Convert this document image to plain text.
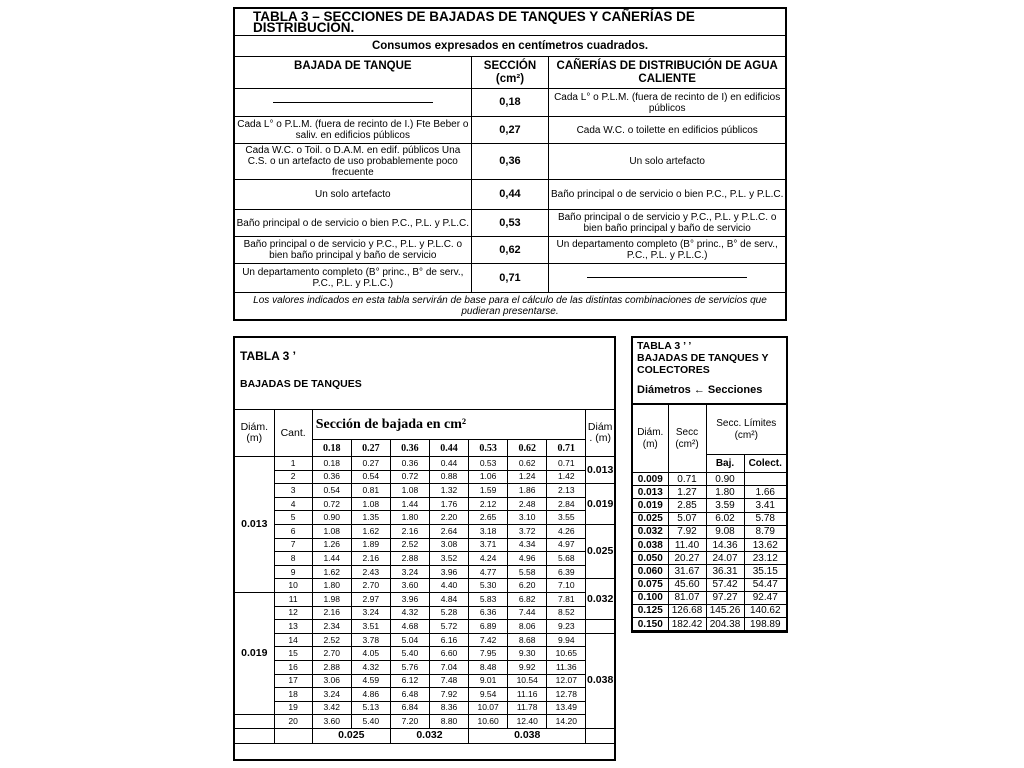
TABLA 3 – SECCIONES DE BAJADAS DE TANQUES Y CAÑERÍAS DE DISTRIBUCIÓN.		
Consumos expresados en centímetros cuadrados.		
BAJADA DE TANQUE	SECCIÓN (cm²)	CAÑERÍAS DE DISTRIBUCIÓN DE AGUA CALIENTE
	0,18	Cada L° o P.L.M. (fuera de recinto de I) en edificios públicos
Cada L° o P.L.M. (fuera de recinto de I.) Fte Beber o saliv. en edificios públicos	0,27	Cada W.C. o toilette en edificios públicos
Cada W.C. o Toil. o D.A.M. en edif. públicos Una C.S. o un artefacto de uso probablemente poco frecuente	0,36	Un solo artefacto
Un solo artefacto	0,44	Baño principal o de servicio o bien P.C., P.L. y P.L.C.
Baño principal o de servicio o bien P.C., P.L. y P.L.C.	0,53	Baño principal o de servicio y P.C., P.L. y P.L.C. o bien baño principal y baño de servicio
Baño principal o de servicio y P.C., P.L. y P.L.C. o bien baño principal y baño de servicio	0,62	Un departamento completo (B° princ., B° de serv., P.C., P.L. y P.L.C.)
Un departamento completo (B° princ., B° de serv., P.C., P.L. y P.L.C.)	0,71	
Los valores indicados en esta tabla servirán de base para el cálculo de las distintas combinaciones de servicios que pudieran presentarse.		
TABLA 3 ’
BAJADAS DE TANQUES
Diám. (m)	Cant.	Sección de bajada en cm²							Diám . (m)
		0.18	0.27	0.36	0.44	0.53	0.62	0.71	
0.013	1	0.18	0.27	0.36	0.44	0.53	0.62	0.71	0.013
	2	0.36	0.54	0.72	0.88	1.06	1.24	1.42	
	3	0.54	0.81	1.08	1.32	1.59	1.86	2.13	0.019
	4	0.72	1.08	1.44	1.76	2.12	2.48	2.84	
	5	0.90	1.35	1.80	2.20	2.65	3.10	3.55	
	6	1.08	1.62	2.16	2.64	3.18	3.72	4.26	0.025
	7	1.26	1.89	2.52	3.08	3.71	4.34	4.97	
	8	1.44	2.16	2.88	3.52	4.24	4.96	5.68	
	9	1.62	2.43	3.24	3.96	4.77	5.58	6.39	
	10	1.80	2.70	3.60	4.40	5.30	6.20	7.10	0.032
0.019	11	1.98	2.97	3.96	4.84	5.83	6.82	7.81	
	12	2.16	3.24	4.32	5.28	6.36	7.44	8.52	
	13	2.34	3.51	4.68	5.72	6.89	8.06	9.23	
	14	2.52	3.78	5.04	6.16	7.42	8.68	9.94	0.038
	15	2.70	4.05	5.40	6.60	7.95	9.30	10.65	
	16	2.88	4.32	5.76	7.04	8.48	9.92	11.36	
	17	3.06	4.59	6.12	7.48	9.01	10.54	12.07	
	18	3.24	4.86	6.48	7.92	9.54	11.16	12.78	
	19	3.42	5.13	6.84	8.36	10.07	11.78	13.49	
	20	3.60	5.40	7.20	8.80	10.60	12.40	14.20	
		0.025		0.032		0.038			
TABLA 3 ’ ’
BAJADAS DE TANQUES Y COLECTORES
Diámetros ← Secciones
Diám. (m)	Secc (cm²)	Secc. Límites (cm²)	
		Baj.	Colect.
0.009	0.71	0.90	
0.013	1.27	1.80	1.66
0.019	2.85	3.59	3.41
0.025	5.07	6.02	5.78
0.032	7.92	9.08	8.79
0.038	11.40	14.36	13.62
0.050	20.27	24.07	23.12
0.060	31.67	36.31	35.15
0.075	45.60	57.42	54.47
0.100	81.07	97.27	92.47
0.125	126.68	145.26	140.62
0.150	182.42	204.38	198.89
